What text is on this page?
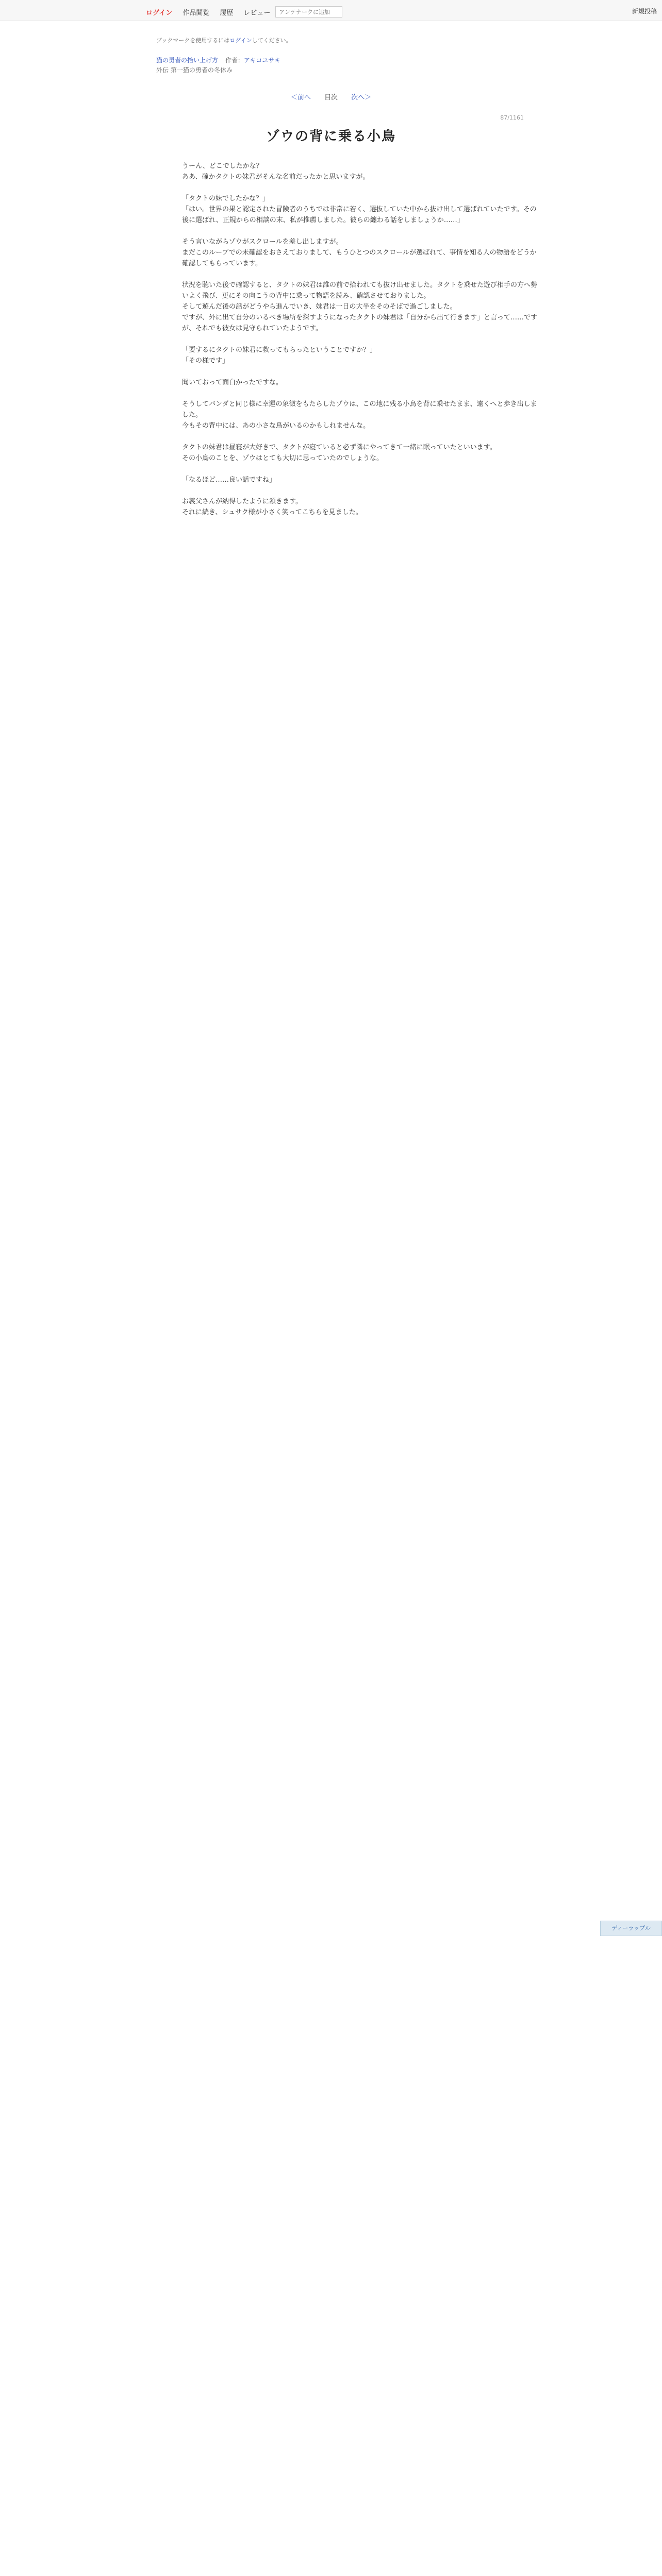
ログイン 作品閲覧 履歴 レビュー
アンテナークに追加	新規投稿
ブックマークを使用するにはログインしてください。
猫の勇者の拾い上げ方 作者：アキコユサキ
外伝 第一猫の勇者の冬休み
＜前へ 目次 次へ＞
87/1161
ゾウの背に乗る小鳥

うーん、どこでしたかな？

ああ、確かタクトの妹君がそんな名前だったかと思いますが。

「タクトの妹でしたかな？」

「はい。世界の果と認定された冒険者のうちでは非常に若く、選抜していた中から抜け出して選ばれていたです。その後に選ばれ、正規からの相談の末、私が推薦しました。彼らの纏わる話をしましょうか……」

そう言いながらゾウがスクロールを差し出しますが。

まだこのループでの未確認をおさえておりまして、もうひとつのスクロールが選ばれて、事情を知る人の物語をどうか確認してもらっています。

状況を聴いた後で確認すると、タクトの妹君は誰の前で拾われても抜け出せました。タクトを乗せた遊び相手の方へ勢いよく飛び、更にその向こうの背中に乗って物語を読み、確認させておりました。

そして遊んだ後の話がどうやら進んでいき、妹君は一日の大半をそのそばで過ごしました。

ですが、外に出て自分のいるべき場所を探すようになったタクトの妹君は「自分から出て行きます」と言って……ですが、それでも彼女は見守られていたようです。

「要するにタクトの妹君に救ってもらったということですか？」

「その様です」

聞いておって面白かったですな。

そうしてバンダと同じ様に幸運の象徴をもたらしたゾウは、この地に残る小鳥を背に乗せたまま、遠くへと歩き出しました。

今もその背中には、あの小さな鳥がいるのかもしれませんな。

タクトの妹君は昼寝が大好きで、タクトが寝ていると必ず隣にやってきて一緒に眠っていたといいます。

その小鳥のことを、ゾウはとても大切に思っていたのでしょうな。

「なるほど……良い話ですね」

お義父さんが納得したように頷きます。

それに続き、シュサク様が小さく笑ってこちらを見ました。

ディーラップル
